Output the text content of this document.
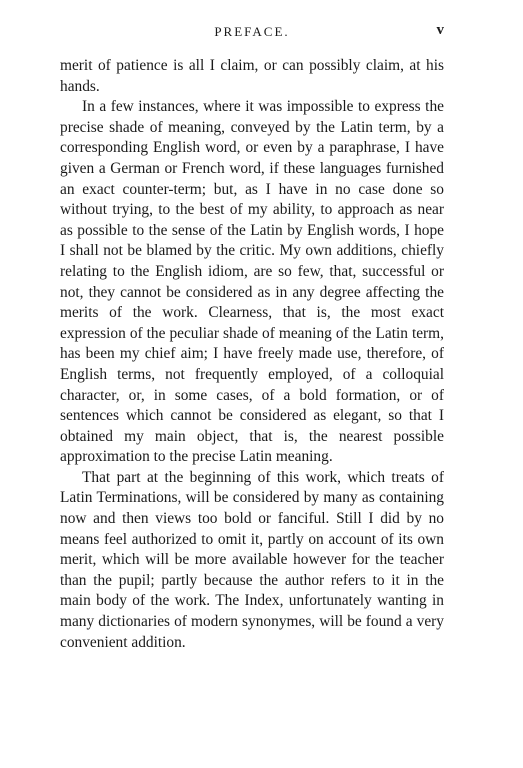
PREFACE.	v

merit of patience is all I claim, or can possibly claim, at his hands.

In a few instances, where it was impossible to express the precise shade of meaning, conveyed by the Latin term, by a corresponding English word, or even by a paraphrase, I have given a German or French word, if these languages furnished an exact counter-term; but, as I have in no case done so without trying, to the best of my ability, to approach as near as possible to the sense of the Latin by English words, I hope I shall not be blamed by the critic. My own additions, chiefly relating to the English idiom, are so few, that, successful or not, they cannot be considered as in any degree affecting the merits of the work. Clearness, that is, the most exact expression of the peculiar shade of meaning of the Latin term, has been my chief aim; I have freely made use, therefore, of English terms, not frequently employed, of a colloquial character, or, in some cases, of a bold formation, or of sentences which cannot be considered as elegant, so that I obtained my main object, that is, the nearest possible approximation to the precise Latin meaning.

That part at the beginning of this work, which treats of Latin Terminations, will be considered by many as containing now and then views too bold or fanciful. Still I did by no means feel authorized to omit it, partly on account of its own merit, which will be more available however for the teacher than the pupil; partly because the author refers to it in the main body of the work. The Index, unfortunately wanting in many dictionaries of modern synonymes, will be found a very convenient addition.
